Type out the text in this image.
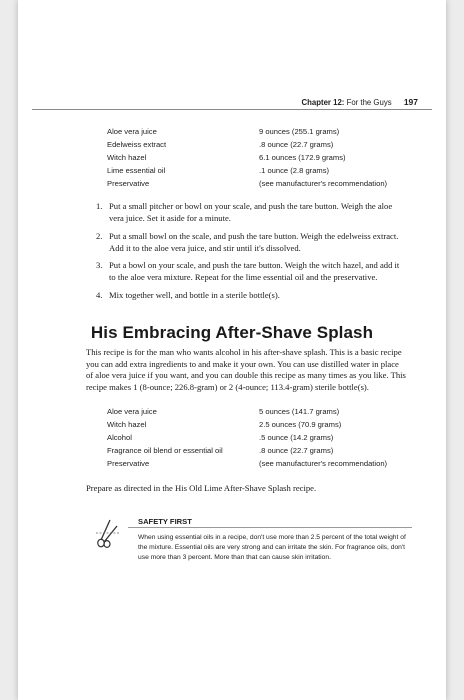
Chapter 12: For the Guys 197
Aloe vera juice	9 ounces (255.1 grams)
Edelweiss extract	.8 ounce (22.7 grams)
Witch hazel	6.1 ounces (172.9 grams)
Lime essential oil	.1 ounce (2.8 grams)
Preservative	(see manufacturer's recommendation)
1. Put a small pitcher or bowl on your scale, and push the tare button. Weigh the aloe vera juice. Set it aside for a minute.
2. Put a small bowl on the scale, and push the tare button. Weigh the edelweiss extract. Add it to the aloe vera juice, and stir until it's dissolved.
3. Put a bowl on your scale, and push the tare button. Weigh the witch hazel, and add it to the aloe vera mixture. Repeat for the lime essential oil and the preservative.
4. Mix together well, and bottle in a sterile bottle(s).
His Embracing After-Shave Splash

This recipe is for the man who wants alcohol in his after-shave splash. This is a basic recipe you can add extra ingredients to and make it your own. You can use distilled water in place of aloe vera juice if you want, and you can double this recipe as many times as you like. This recipe makes 1 (8-ounce; 226.8-gram) or 2 (4-ounce; 113.4-gram) sterile bottle(s).

Aloe vera juice	5 ounces (141.7 grams)
Witch hazel	2.5 ounces (70.9 grams)
Alcohol	.5 ounce (14.2 grams)
Fragrance oil blend or essential oil	.8 ounce (22.7 grams)
Preservative	(see manufacturer's recommendation)

Prepare as directed in the His Old Lime After-Shave Splash recipe.

SAFETY FIRST

When using essential oils in a recipe, don't use more than 2.5 percent of the total weight of the mixture. Essential oils are very strong and can irritate the skin. For fragrance oils, don't use more than 3 percent. More than that can cause skin irritation.
